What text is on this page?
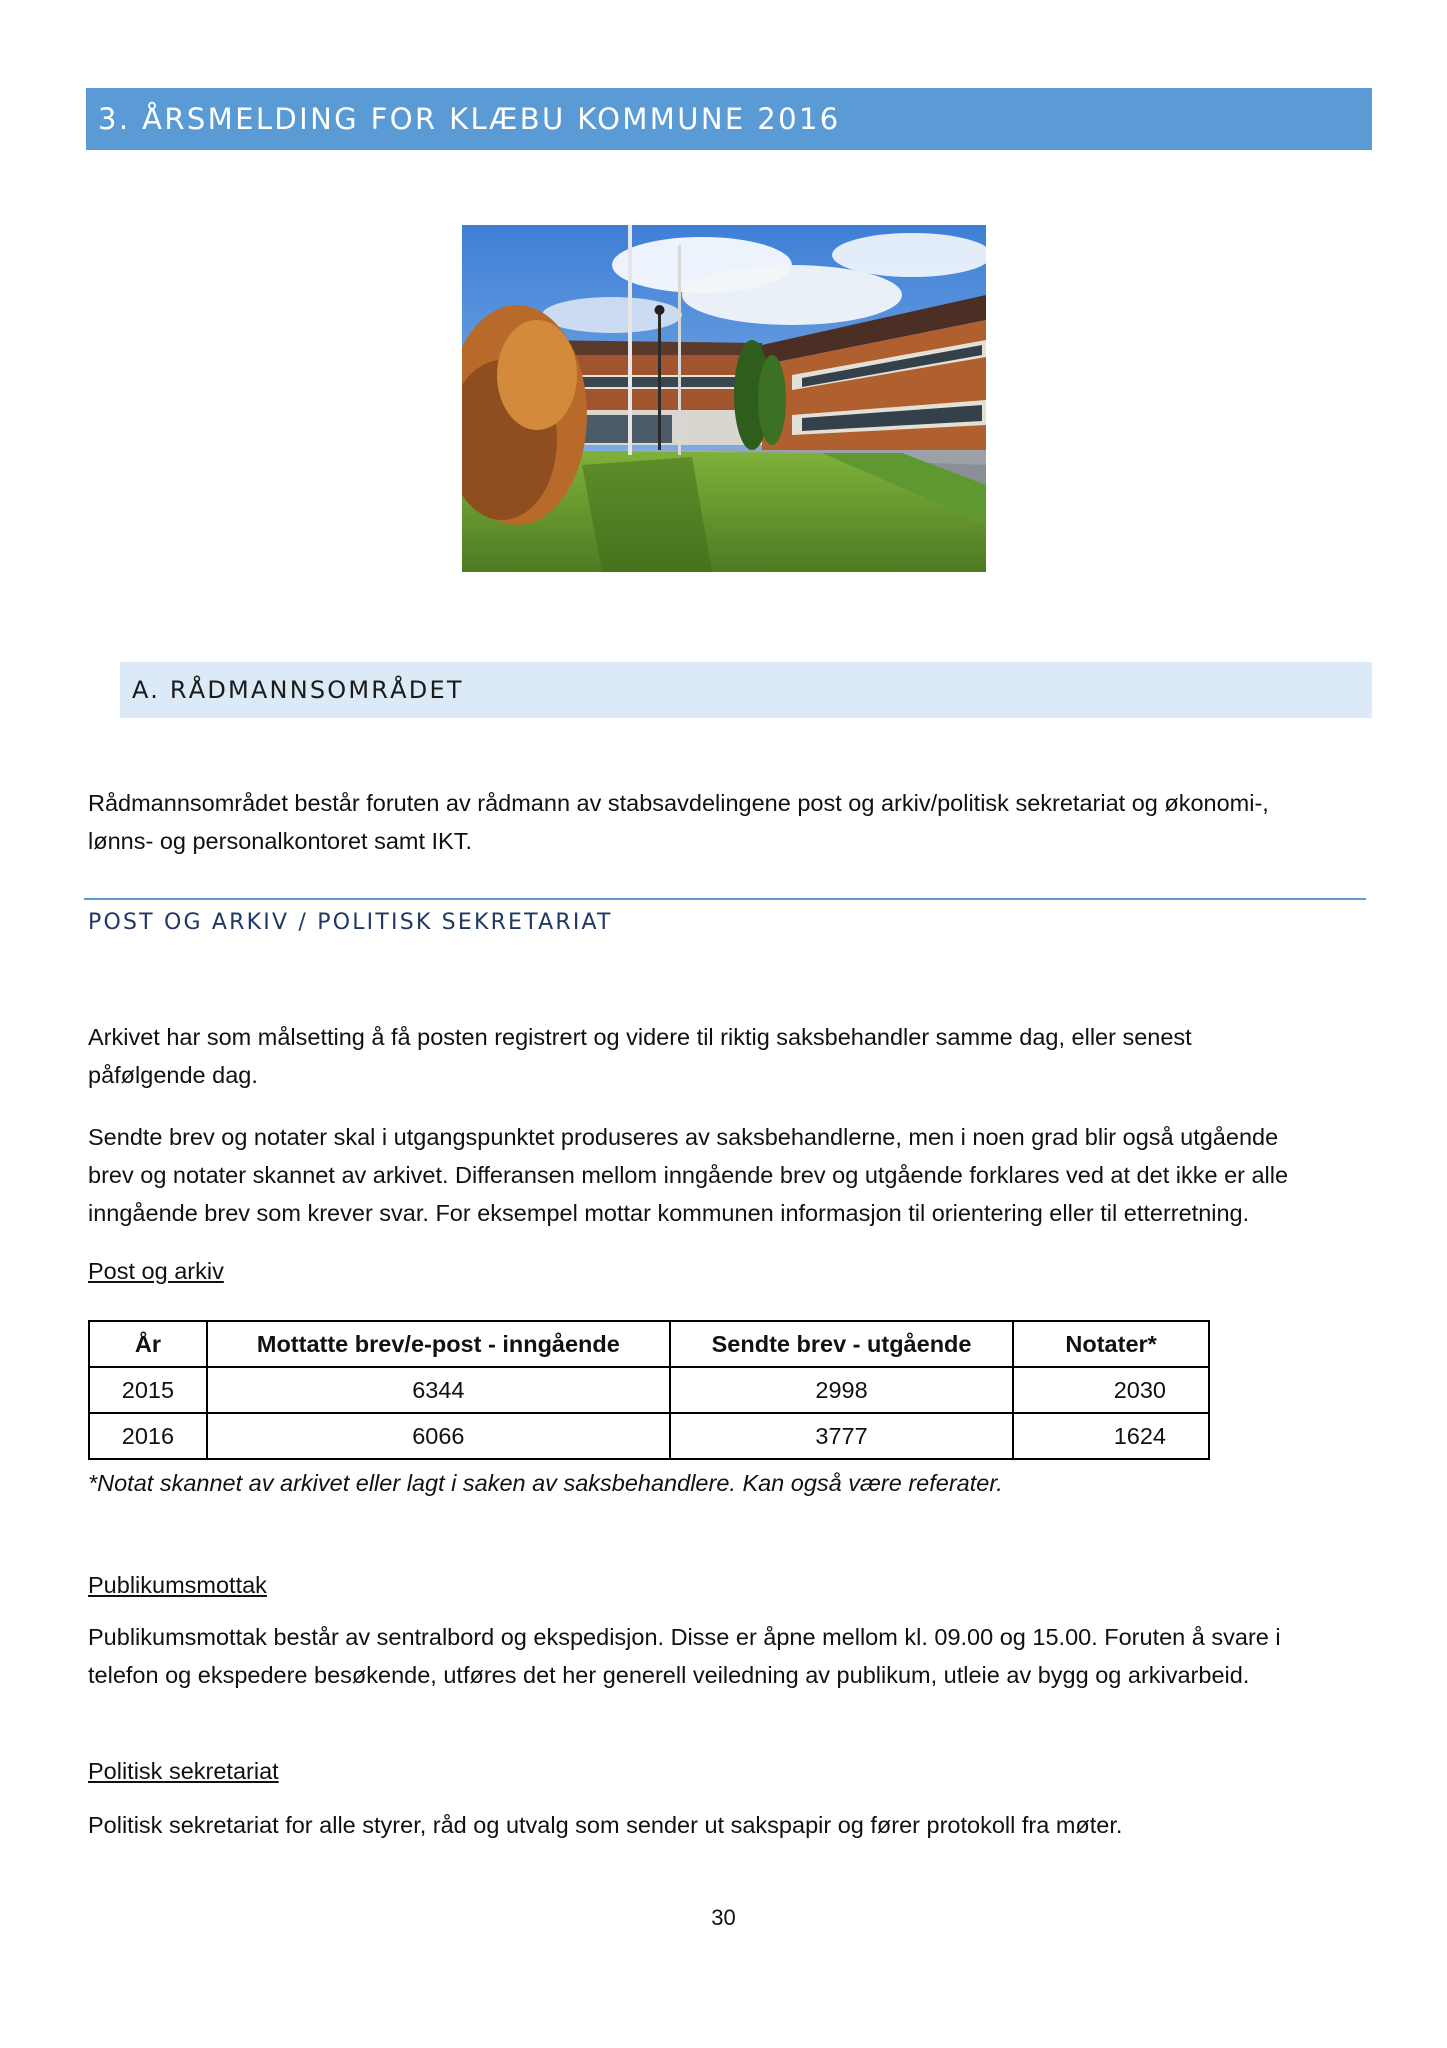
3. ÅRSMELDING FOR KLÆBU KOMMUNE 2016
A. RÅDMANNSOMRÅDET
Rådmannsområdet består foruten av rådmann av stabsavdelingene post og arkiv/politisk sekretariat og økonomi-,
lønns- og personalkontoret samt IKT.
POST OG ARKIV / POLITISK SEKRETARIAT
Arkivet har som målsetting å få posten registrert og videre til riktig saksbehandler samme dag, eller senest
påfølgende dag.
Sendte brev og notater skal i utgangspunktet produseres av saksbehandlerne, men i noen grad blir også utgående
brev og notater skannet av arkivet. Differansen mellom inngående brev og utgående forklares ved at det ikke er alle
inngående brev som krever svar. For eksempel mottar kommunen informasjon til orientering eller til etterretning.
Post og arkiv
År	Mottatte brev/e-post - inngående	Sendte brev - utgående	Notater*
2015	6344	2998	2030
2016	6066	3777	1624
*Notat skannet av arkivet eller lagt i saken av saksbehandlere. Kan også være referater.
Publikumsmottak
Publikumsmottak består av sentralbord og ekspedisjon. Disse er åpne mellom kl. 09.00 og 15.00. Foruten å svare i
telefon og ekspedere besøkende, utføres det her generell veiledning av publikum, utleie av bygg og arkivarbeid.
Politisk sekretariat
Politisk sekretariat for alle styrer, råd og utvalg som sender ut sakspapir og fører protokoll fra møter.
30
